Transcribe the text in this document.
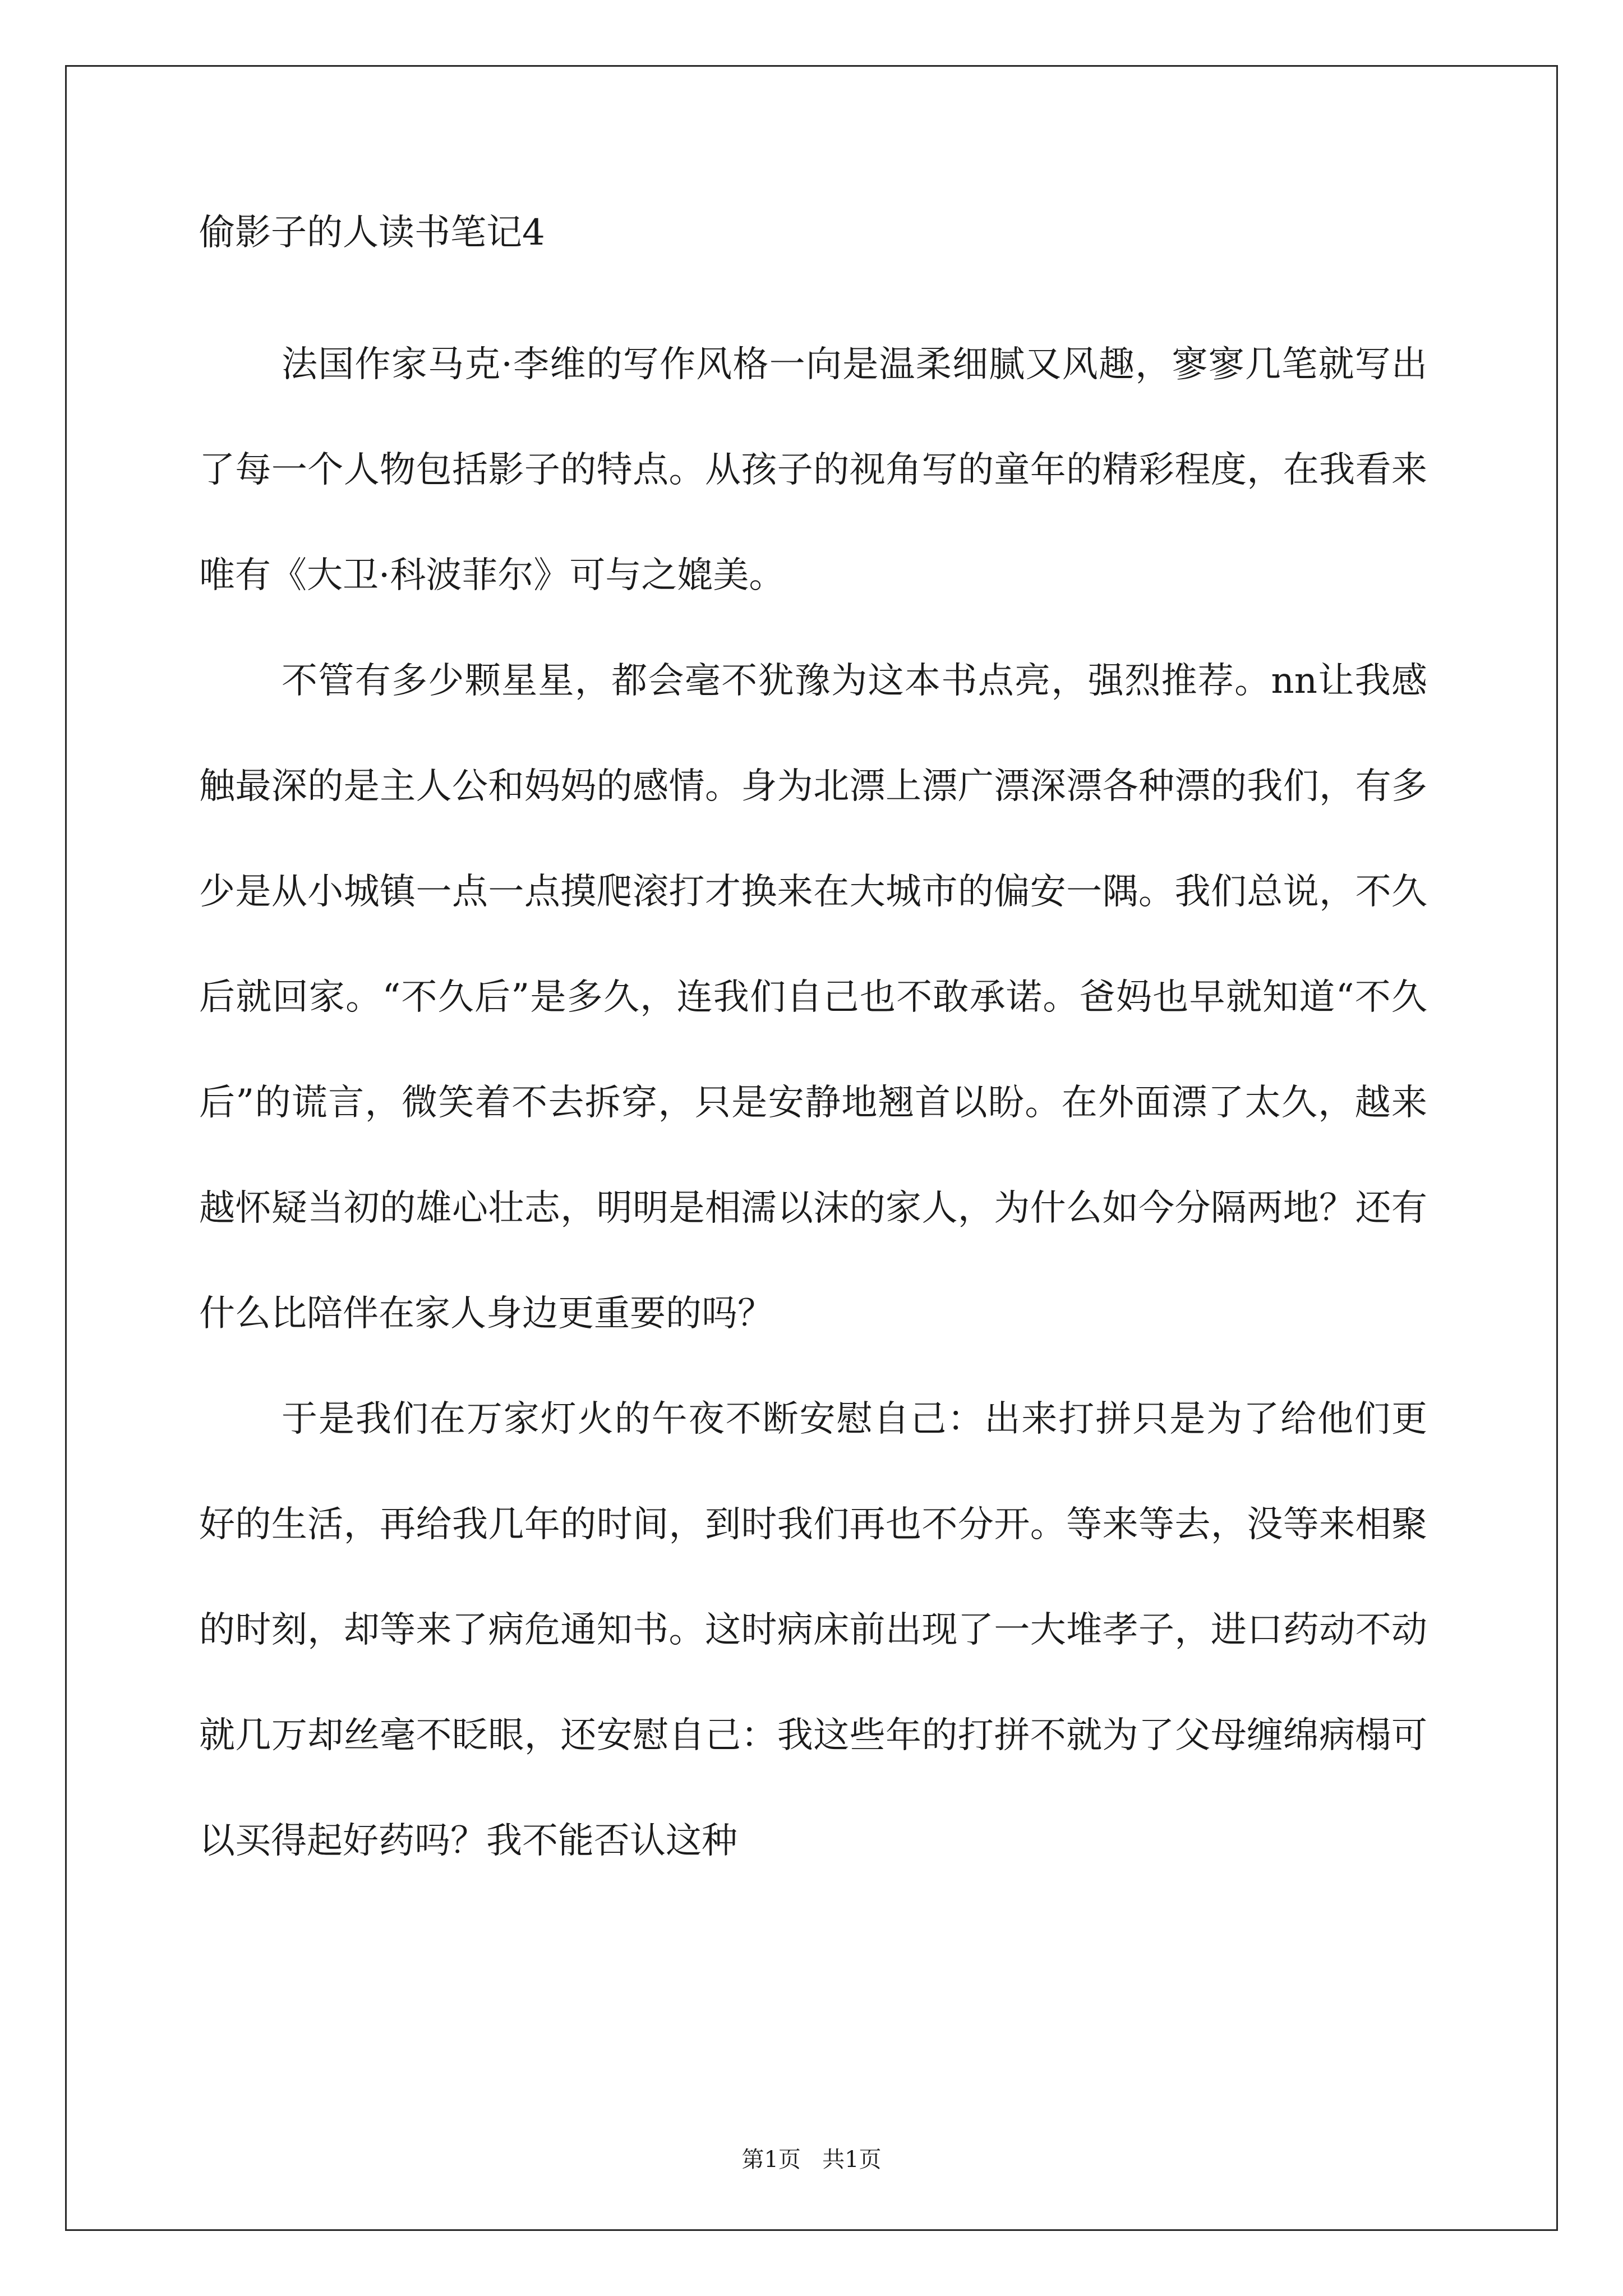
偷影子的人读书笔记4

法国作家马克·李维的写作风格一向是温柔细腻又风趣，寥寥几笔就写出了每一个人物包括影子的特点。从孩子的视角写的童年的精彩程度，在我看来唯有《大卫·科波菲尔》可与之媲美。

不管有多少颗星星，都会毫不犹豫为这本书点亮，强烈推荐。nn让我感触最深的是主人公和妈妈的感情。身为北漂上漂广漂深漂各种漂的我们，有多少是从小城镇一点一点摸爬滚打才换来在大城市的偏安一隅。我们总说，不久后就回家。“不久后”是多久，连我们自己也不敢承诺。爸妈也早就知道“不久后”的谎言，微笑着不去拆穿，只是安静地翘首以盼。在外面漂了太久，越来越怀疑当初的雄心壮志，明明是相濡以沫的家人，为什么如今分隔两地？还有什么比陪伴在家人身边更重要的吗？

于是我们在万家灯火的午夜不断安慰自己：出来打拼只是为了给他们更好的生活，再给我几年的时间，到时我们再也不分开。等来等去，没等来相聚的时刻，却等来了病危通知书。这时病床前出现了一大堆孝子，进口药动不动就几万却丝毫不眨眼，还安慰自己：我这些年的打拼不就为了父母缠绵病榻可以买得起好药吗？我不能否认这种

第1页 共1页
